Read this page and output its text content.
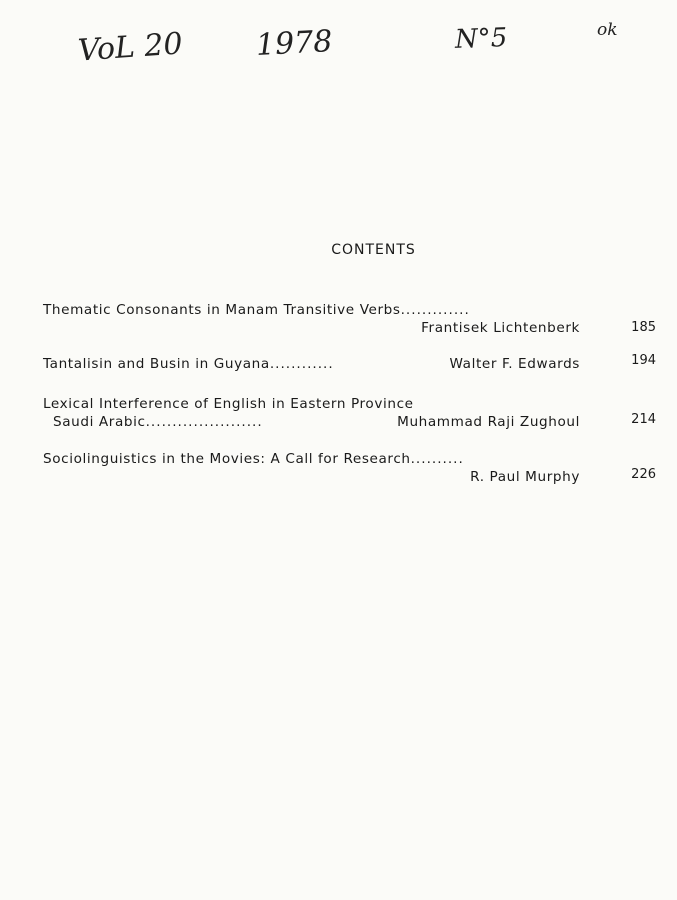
VoL 20 1978	N°5	ok
CONTENTS
Thematic Consonants in Manam Transitive Verbs.............
Frantisek Lichtenberk	185
Tantalisin and Busin in Guyana............	Walter F. Edwards	194
Lexical Interference of English in Eastern Province
Saudi Arabic......................	Muhammad Raji Zughoul	214
Sociolinguistics in the Movies: A Call for Research..........
R. Paul Murphy	226
